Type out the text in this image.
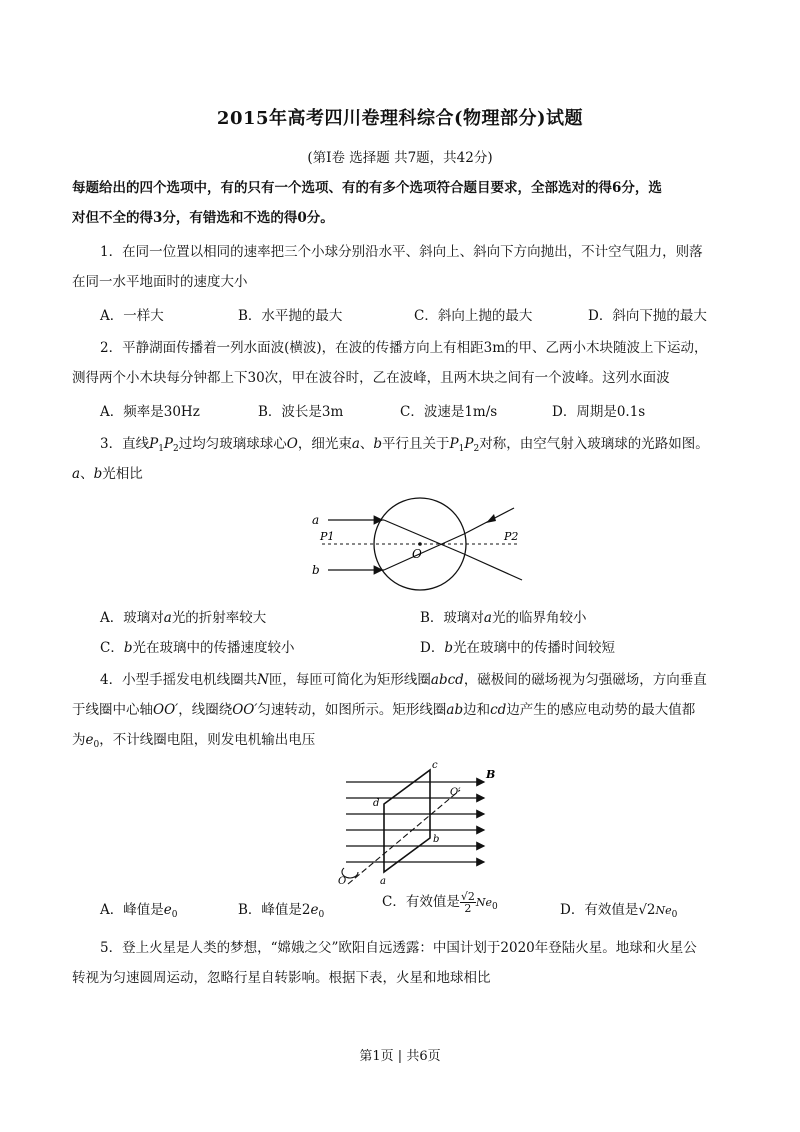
2015年高考四川卷理科综合(物理部分)试题
(第Ⅰ卷 选择题 共7题，共42分)
每题给出的四个选项中，有的只有一个选项、有的有多个选项符合题目要求，全部选对的得6分，选
对但不全的得3分，有错选和不选的得0分。
1．在同一位置以相同的速率把三个小球分别沿水平、斜向上、斜向下方向抛出，不计空气阻力，则落
在同一水平地面时的速度大小
A．一样大	B．水平抛的最大	C．斜向上抛的最大	D．斜向下抛的最大
2．平静湖面传播着一列水面波(横波)，在波的传播方向上有相距3m的甲、乙两小木块随波上下运动，
测得两个小木块每分钟都上下30次，甲在波谷时，乙在波峰，且两木块之间有一个波峰。这列水面波
A．频率是30Hz	B．波长是3m	C．波速是1m/s	D．周期是0.1s
3．直线$P_1P_2$过均匀玻璃球球心O，细光束a、b平行且关于$P_1P_2$对称，由空气射入玻璃球的光路如图。
a、b光相比
a
b
P1	P2
O
A．玻璃对a光的折射率较大	B．玻璃对a光的临界角较小
C．b光在玻璃中的传播速度较小	D．b光在玻璃中的传播时间较短
4．小型手摇发电机线圈共N匝，每匝可简化为矩形线圈abcd，磁极间的磁场视为匀强磁场，方向垂直
于线圈中心轴OO′，线圈绕OO′匀速转动，如图所示。矩形线圈ab边和cd边产生的感应电动势的最大值都
为$e_0$，不计线圈电阻，则发电机输出电压
B
c
O′
d
b
a
O
A．峰值是$e_0$	B．峰值是$2e_0$
C．有效值是 $\frac{√2}{2} Ne_0$	D．有效值是$√2Ne_0$
5．登上火星是人类的梦想，“嫦娥之父”欧阳自远透露：中国计划于2020年登陆火星。地球和火星公
转视为匀速圆周运动，忽略行星自转影响。根据下表，火星和地球相比
第1页 | 共6页
